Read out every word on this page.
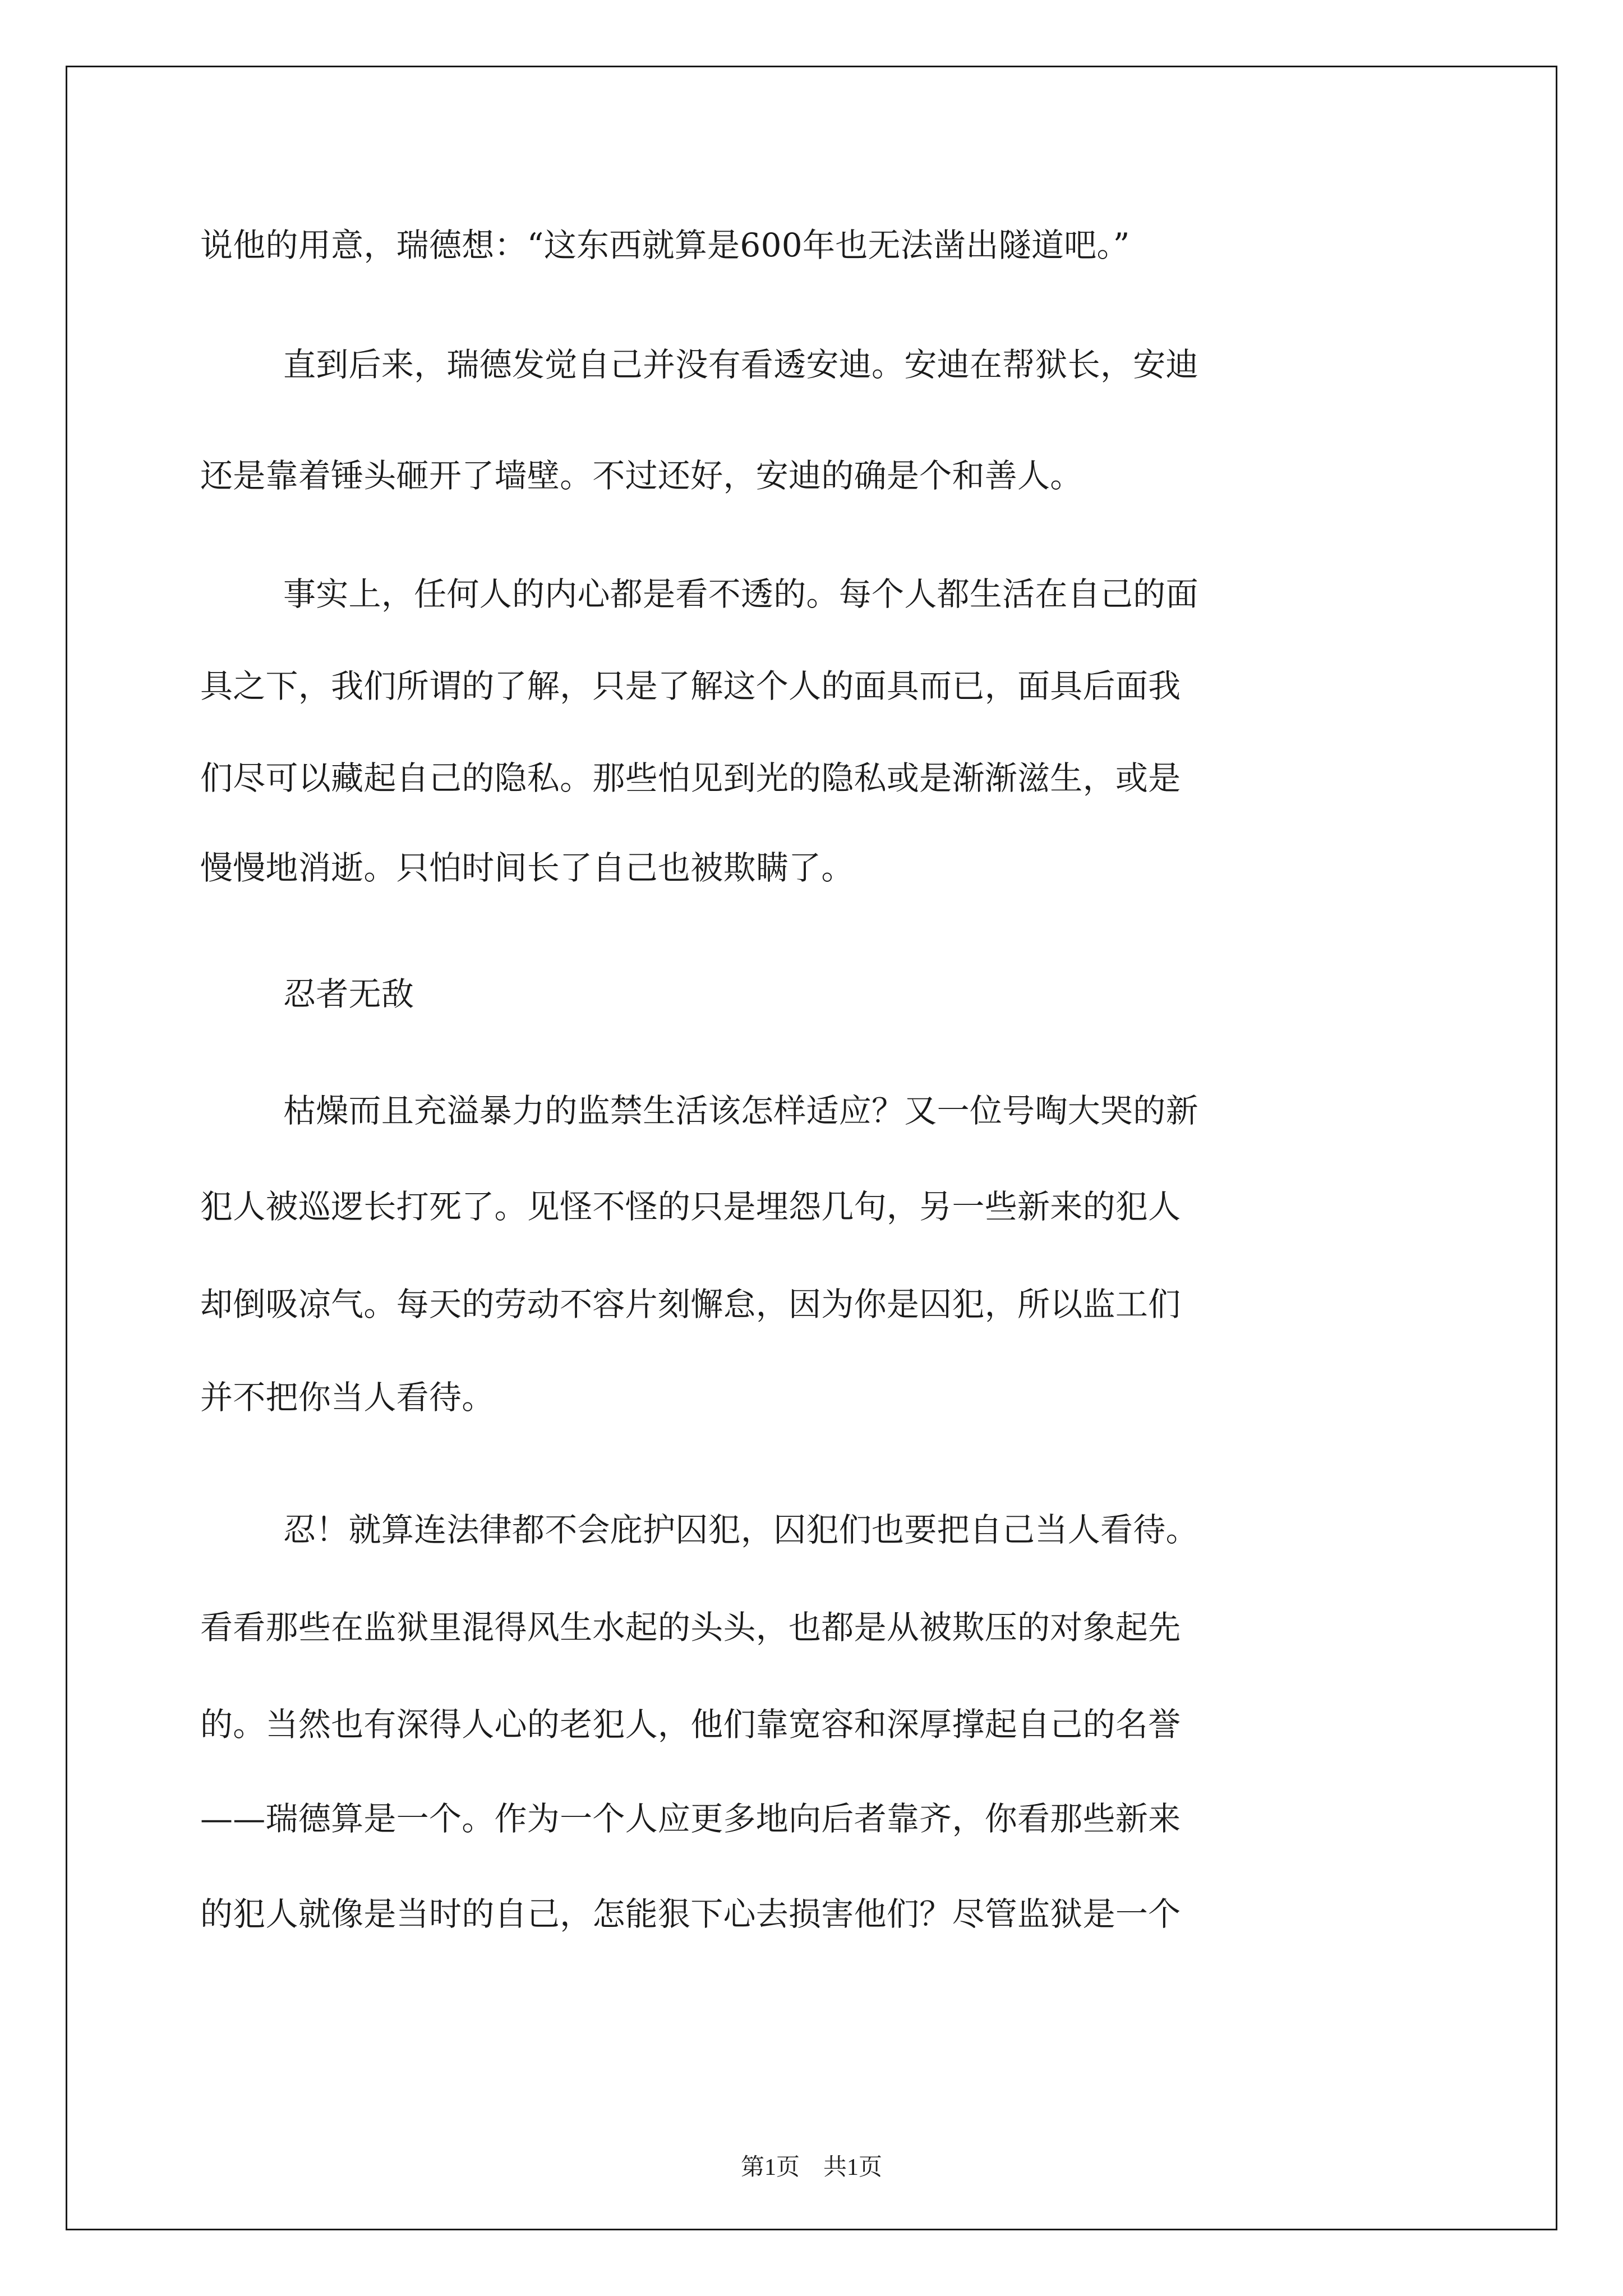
说他的用意，瑞德想：“这东西就算是600年也无法凿出隧道吧。”
直到后来，瑞德发觉自己并没有看透安迪。安迪在帮狱长，安迪
还是靠着锤头砸开了墙壁。不过还好，安迪的确是个和善人。
事实上，任何人的内心都是看不透的。每个人都生活在自己的面
具之下，我们所谓的了解，只是了解这个人的面具而已，面具后面我
们尽可以藏起自己的隐私。那些怕见到光的隐私或是渐渐滋生，或是
慢慢地消逝。只怕时间长了自己也被欺瞒了。
忍者无敌
枯燥而且充溢暴力的监禁生活该怎样适应？又一位号啕大哭的新
犯人被巡逻长打死了。见怪不怪的只是埋怨几句，另一些新来的犯人
却倒吸凉气。每天的劳动不容片刻懈怠，因为你是囚犯，所以监工们
并不把你当人看待。
忍！就算连法律都不会庇护囚犯，囚犯们也要把自己当人看待。
看看那些在监狱里混得风生水起的头头，也都是从被欺压的对象起先
的。当然也有深得人心的老犯人，他们靠宽容和深厚撑起自己的名誉
——瑞德算是一个。作为一个人应更多地向后者靠齐，你看那些新来
的犯人就像是当时的自己，怎能狠下心去损害他们？尽管监狱是一个
第1页　共1页
